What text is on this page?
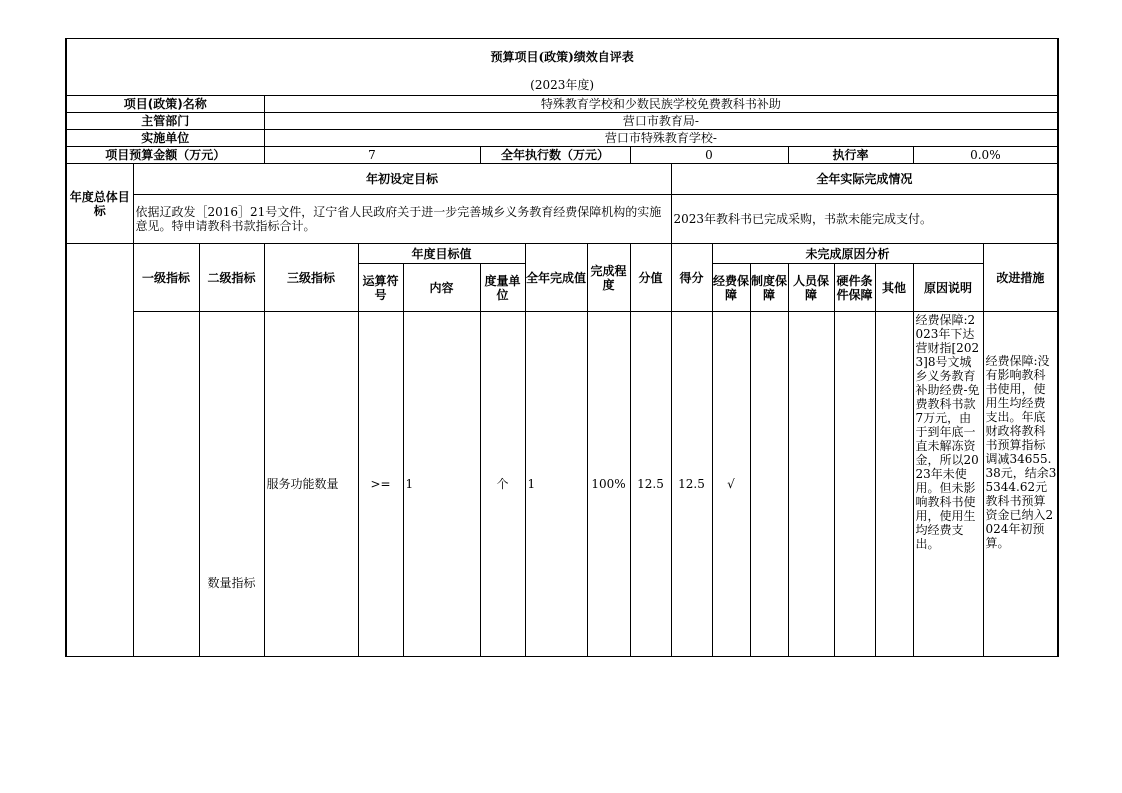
预算项目(政策)绩效自评表																	
(2023年度)																	
项目(政策)名称			特殊教育学校和少数民族学校免费教科书补助														
主管部门			营口市教育局-														
实施单位			营口市特殊教育学校-														
项目预算金额（万元）			7			全年执行数（万元）			0				执行率			0.0%	
年度总体目标	年初设定目标									全年实际完成情况							
	依据辽政发［2016］21号文件，辽宁省人民政府关于进一步完善城乡义务教育经费保障机构的实施意见。特申请教科书款指标合计。									2023年教科书已完成采购，书款未能完成支付。							
	一级指标	二级指标	三级指标	年度目标值			全年完成值	完成程度	分值	得分	未完成原因分析						改进措施
				运算符号	内容	度量单位					经费保障	制度保障	人员保障	硬件条件保障	其他	原因说明	
		数量指标	服务功能数量	>=	1	个	1	100%	12.5	12.5	√					经费保障:2023年下达营财指[2023]8号文城乡义务教育补助经费-免费教科书款7万元，由于到年底一直未解冻资金，所以2023年未使用。但未影响教科书使用，使用生均经费支出。	经费保障:没有影响教科书使用，使用生均经费支出。年底财政将教科书预算指标调减34655.38元，结余35344.62元教科书预算资金已纳入2024年初预算。
